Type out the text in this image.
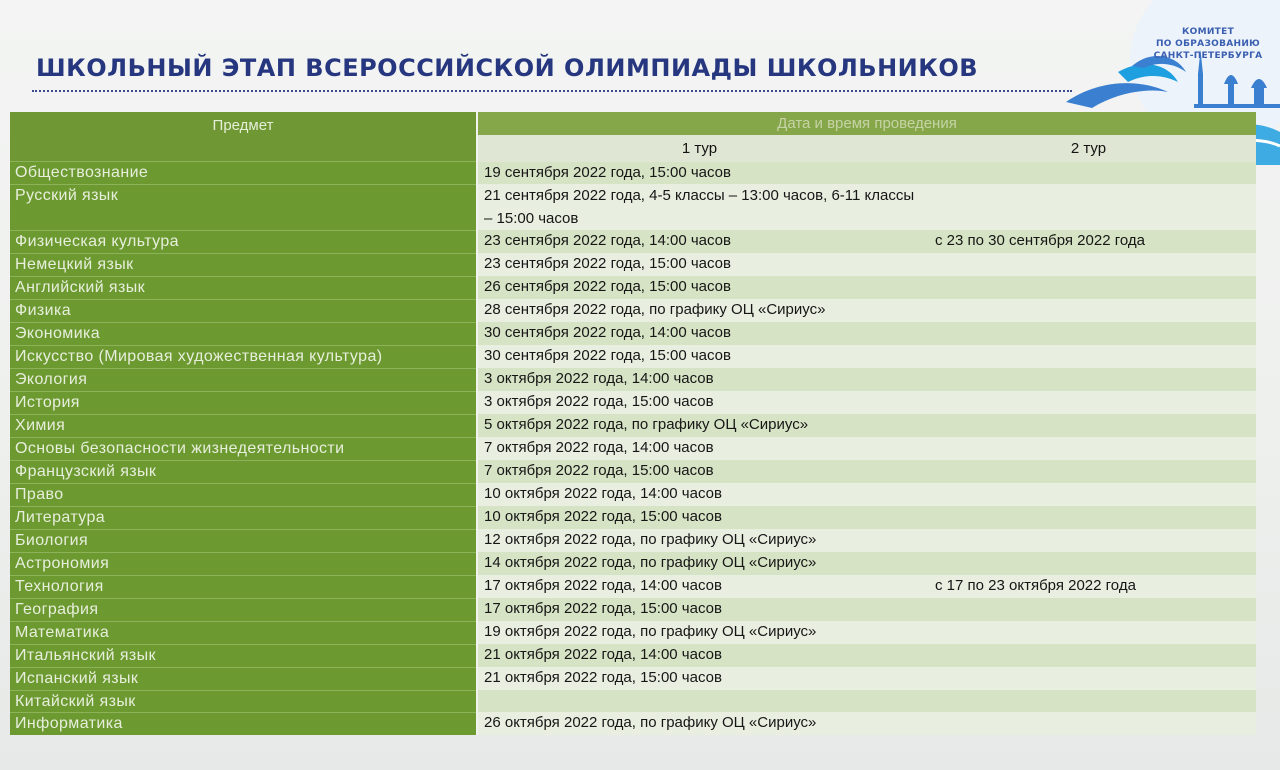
ШКОЛЬНЫЙ ЭТАП ВСЕРОССИЙСКОЙ ОЛИМПИАДЫ ШКОЛЬНИКОВ
КОМИТЕТ
ПО ОБРАЗОВАНИЮ
САНКТ-ПЕТЕРБУРГА
Предмет	Дата и время проведения	
	1 тур	2 тур
Обществознание	19 сентября 2022 года, 15:00 часов	
Русский язык	21 сентября 2022 года, 4-5 классы – 13:00 часов, 6-11 классы – 15:00 часов	
Физическая культура	23 сентября 2022 года, 14:00 часов	с 23 по 30 сентября 2022 года
Немецкий язык	23 сентября 2022 года, 15:00 часов	
Английский язык	26 сентября 2022 года, 15:00 часов	
Физика	28 сентября 2022 года, по графику ОЦ «Сириус»	
Экономика	30 сентября 2022 года, 14:00 часов	
Искусство (Мировая художественная культура)	30 сентября 2022 года, 15:00 часов	
Экология	3 октября 2022 года, 14:00 часов	
История	3 октября 2022 года, 15:00 часов	
Химия	5 октября 2022 года, по графику ОЦ «Сириус»	
Основы безопасности жизнедеятельности	7 октября 2022 года, 14:00 часов	
Французский язык	7 октября 2022 года, 15:00 часов	
Право	10 октября 2022 года, 14:00 часов	
Литература	10 октября 2022 года, 15:00 часов	
Биология	12 октября 2022 года, по графику ОЦ «Сириус»	
Астрономия	14 октября 2022 года, по графику ОЦ «Сириус»	
Технология	17 октября 2022 года, 14:00 часов	с 17 по 23 октября 2022 года
География	17 октября 2022 года, 15:00 часов	
Математика	19 октября 2022 года, по графику ОЦ «Сириус»	
Итальянский язык	21 октября 2022 года, 14:00 часов	
Испанский язык	21 октября 2022 года, 15:00 часов	
Китайский язык		
Информатика	26 октября 2022 года, по графику ОЦ «Сириус»	
